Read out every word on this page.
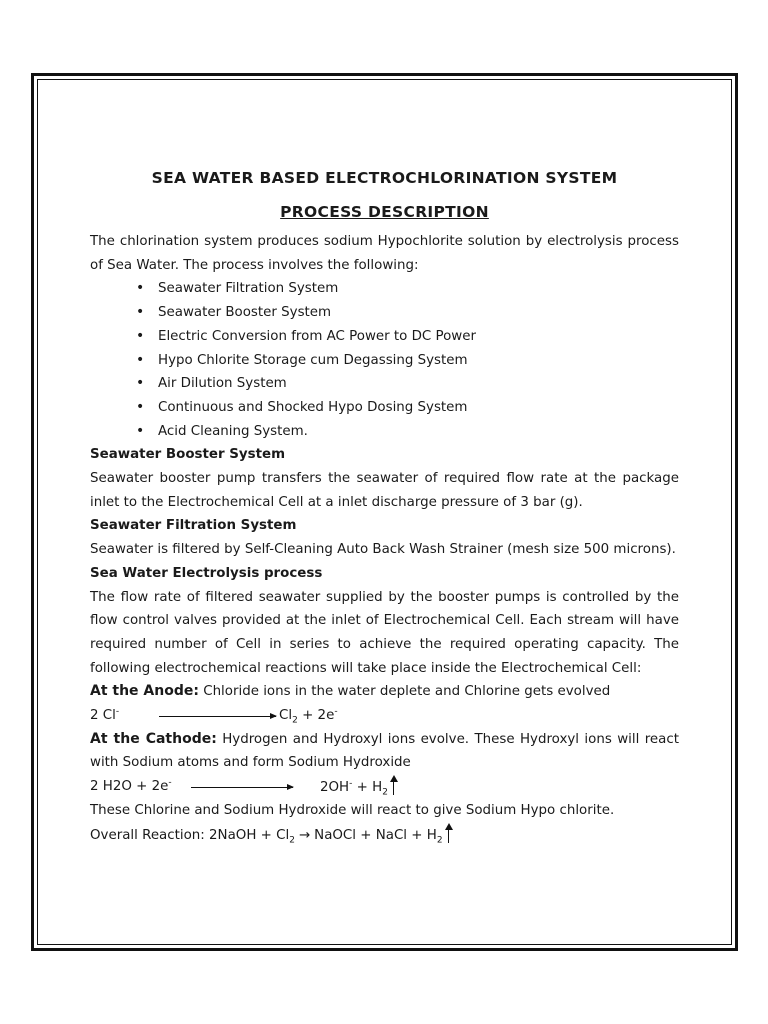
SEA WATER BASED ELECTROCHLORINATION SYSTEM
PROCESS DESCRIPTION

The chlorination system produces sodium Hypochlorite solution by electrolysis process of Sea Water. The process involves the following:

• Seawater Filtration System
• Seawater Booster System
• Electric Conversion from AC Power to DC Power
• Hypo Chlorite Storage cum Degassing System
• Air Dilution System
• Continuous and Shocked Hypo Dosing System
• Acid Cleaning System.

Seawater Booster System

Seawater booster pump transfers the seawater of required flow rate at the package inlet to the Electrochemical Cell at a inlet discharge pressure of 3 bar (g).

Seawater Filtration System

Seawater is filtered by Self-Cleaning Auto Back Wash Strainer (mesh size 500 microns).

Sea Water Electrolysis process

The flow rate of filtered seawater supplied by the booster pumps is controlled by the flow control valves provided at the inlet of Electrochemical Cell. Each stream will have required number of Cell in series to achieve the required operating capacity. The following electrochemical reactions will take place inside the Electrochemical Cell:

At the Anode: Chloride ions in the water deplete and Chlorine gets evolved

2 Cl-	$Cl_2 + 2e^-$

At the Cathode: Hydrogen and Hydroxyl ions evolve. These Hydroxyl ions will react with Sodium atoms and form Sodium Hydroxide

2 H2O + 2e-	$2OH^- + H_2$

These Chlorine and Sodium Hydroxide will react to give Sodium Hypo chlorite.

Overall Reaction: 2NaOH + $Cl_2$ → NaOCl + NaCl + $H_2$
